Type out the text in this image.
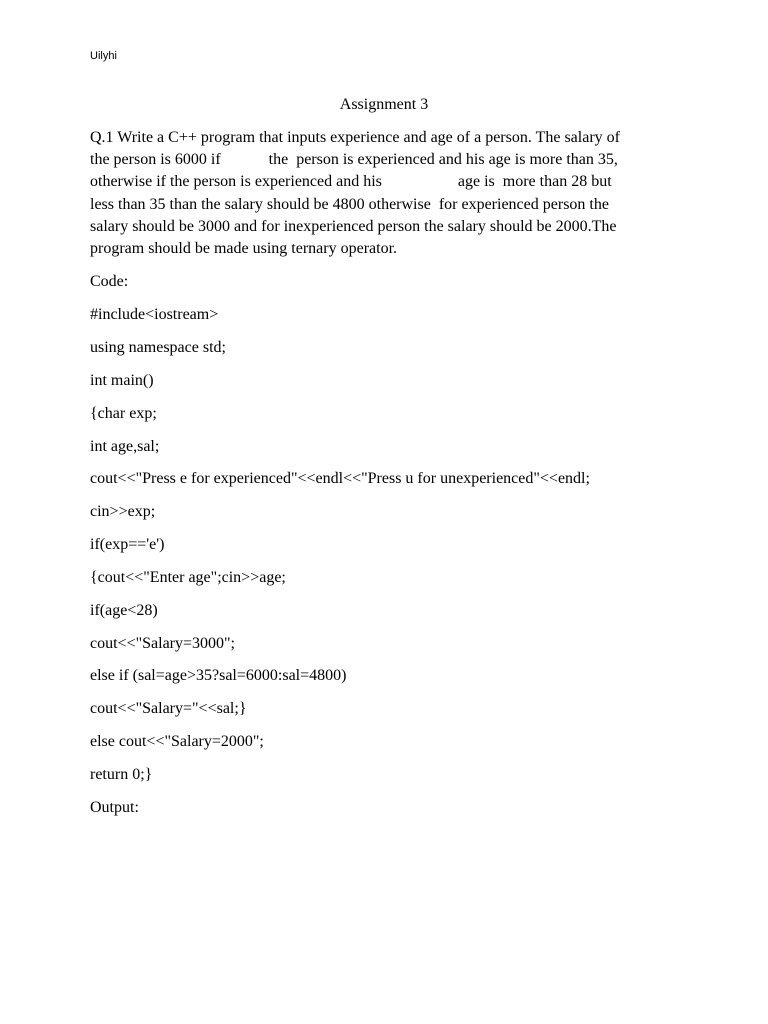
Uilyhi
Assignment 3
Q.1 Write a C++ program that inputs experience and age of a person. The salary of
the person is 6000 if            the  person is experienced and his age is more than 35,
otherwise if the person is experienced and his                   age is  more than 28 but
less than 35 than the salary should be 4800 otherwise  for experienced person the
salary should be 3000 and for inexperienced person the salary should be 2000.The
program should be made using ternary operator.
Code:
#include<iostream>
using namespace std;
int main()
{char exp;
int age,sal;
cout<<"Press e for experienced"<<endl<<"Press u for unexperienced"<<endl;
cin>>exp;
if(exp=='e')
{cout<<"Enter age";cin>>age;
if(age<28)
cout<<"Salary=3000";
else if (sal=age>35?sal=6000:sal=4800)
cout<<"Salary="<<sal;}
else cout<<"Salary=2000";
return 0;}
Output:
